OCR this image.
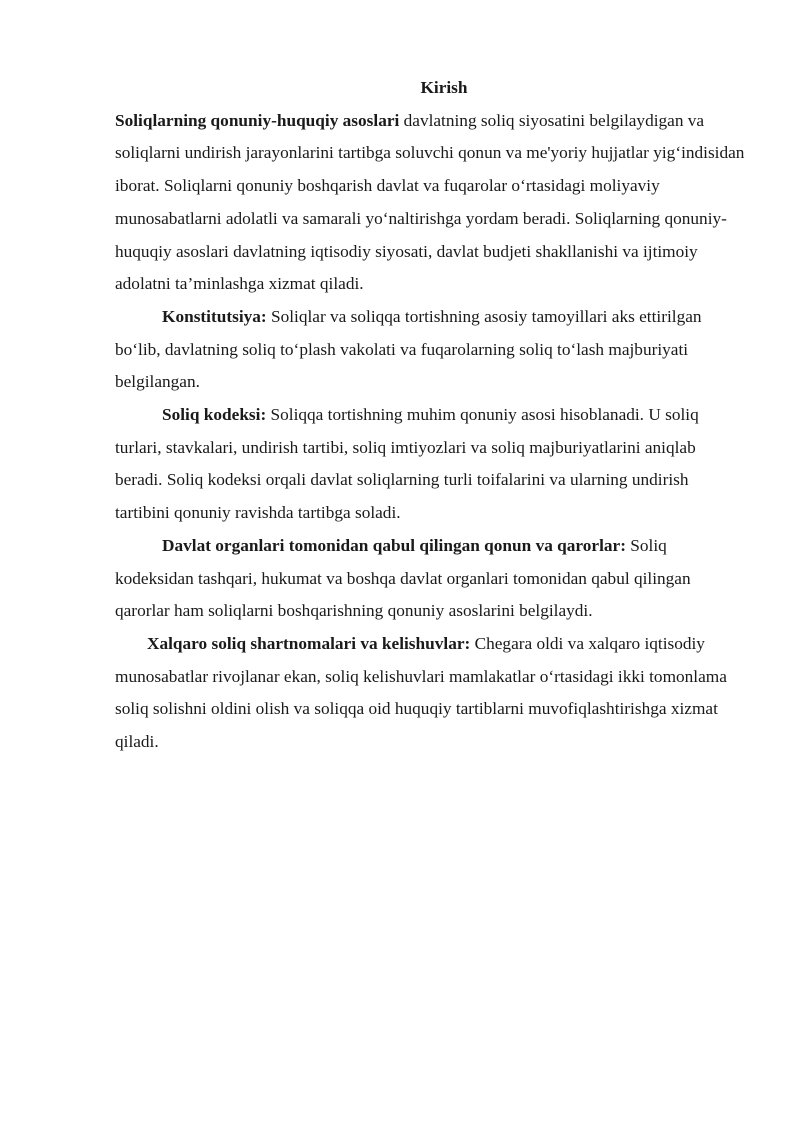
Kirish

Soliqlarning qonuniy-huquqiy asoslari davlatning soliq siyosatini belgilaydigan va soliqlarni undirish jarayonlarini tartibga soluvchi qonun va me'yoriy hujjatlar yig‘indisidan iborat. Soliqlarni qonuniy boshqarish davlat va fuqarolar o‘rtasidagi moliyaviy munosabatlarni adolatli va samarali yo‘naltirishga yordam beradi. Soliqlarning qonuniy-huquqiy asoslari davlatning iqtisodiy siyosati, davlat budjeti shakllanishi va ijtimoiy adolatni ta’minlashga xizmat qiladi.

Konstitutsiya: Soliqlar va soliqqa tortishning asosiy tamoyillari aks ettirilgan bo‘lib, davlatning soliq to‘plash vakolati va fuqarolarning soliq to‘lash majburiyati belgilangan.

Soliq kodeksi: Soliqqa tortishning muhim qonuniy asosi hisoblanadi. U soliq turlari, stavkalari, undirish tartibi, soliq imtiyozlari va soliq majburiyatlarini aniqlab beradi. Soliq kodeksi orqali davlat soliqlarning turli toifalarini va ularning undirish tartibini qonuniy ravishda tartibga soladi.

Davlat organlari tomonidan qabul qilingan qonun va qarorlar: Soliq kodeksidan tashqari, hukumat va boshqa davlat organlari tomonidan qabul qilingan qarorlar ham soliqlarni boshqarishning qonuniy asoslarini belgilaydi.

Xalqaro soliq shartnomalari va kelishuvlar: Chegara oldi va xalqaro iqtisodiy munosabatlar rivojlanar ekan, soliq kelishuvlari mamlakatlar o‘rtasidagi ikki tomonlama soliq solishni oldini olish va soliqqa oid huquqiy tartiblarni muvofiqlashtirishga xizmat qiladi.
